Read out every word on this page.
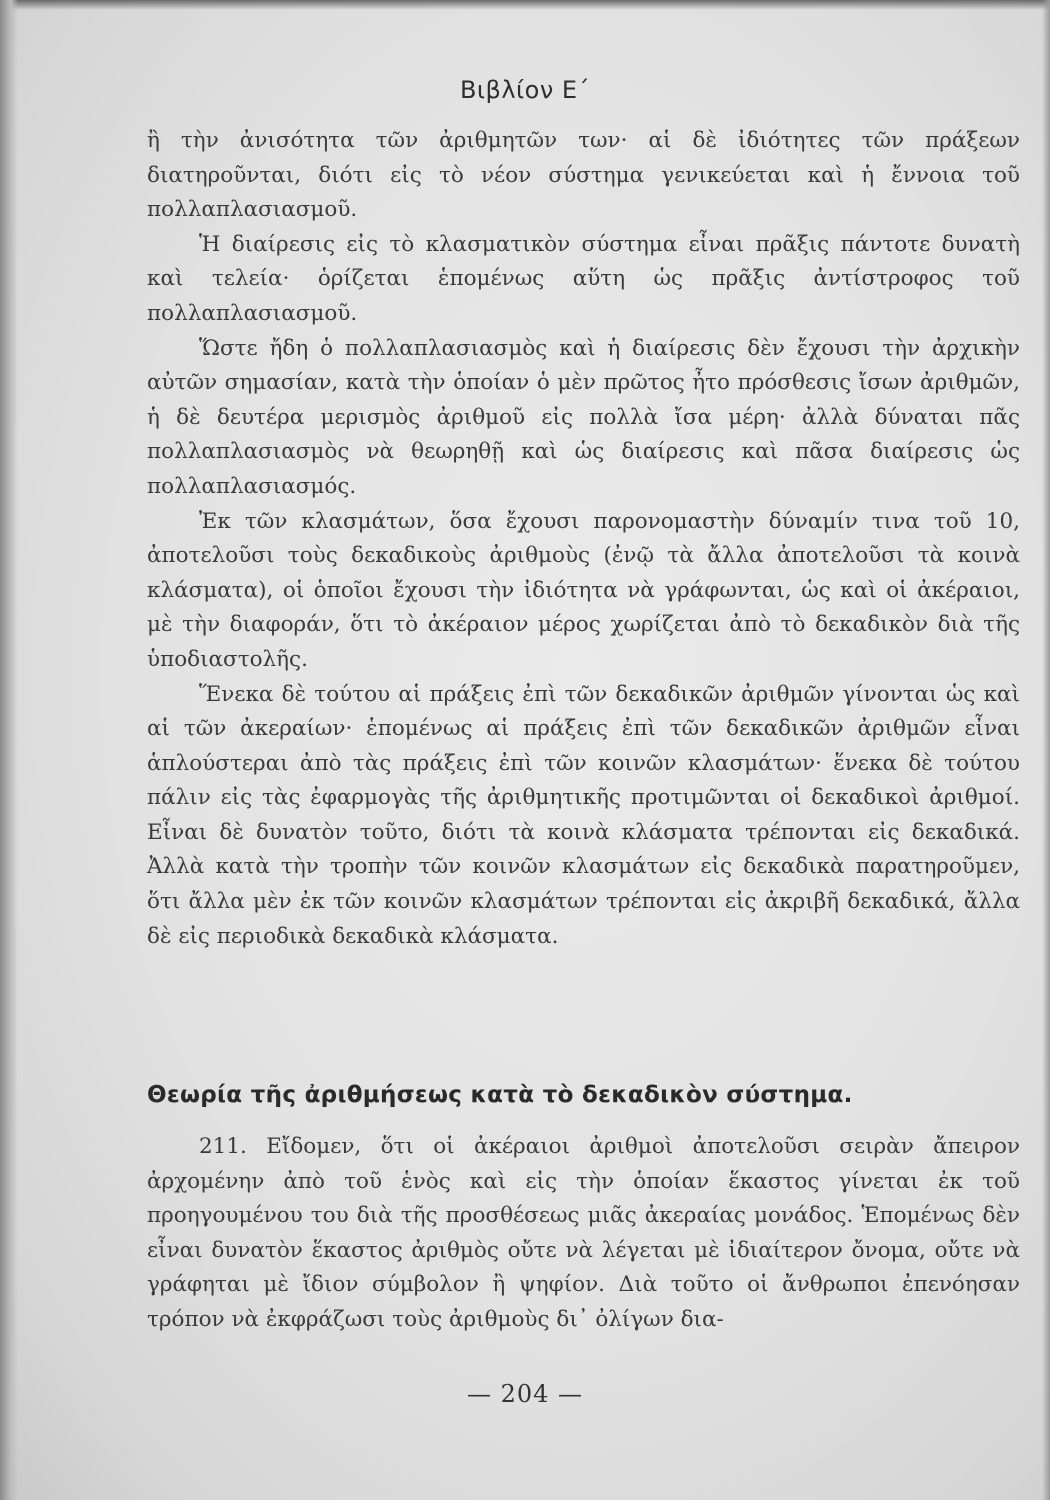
Βιβλίον Ε΄

ἢ τὴν ἀνισότητα τῶν ἀριθμητῶν των· αἱ δὲ ἰδιότητες τῶν πράξεων διατηροῦνται, διότι εἰς τὸ νέον σύστημα γενικεύεται καὶ ἡ ἔννοια τοῦ πολλαπλασιασμοῦ.

Ἡ διαίρεσις εἰς τὸ κλασματικὸν σύστημα εἶναι πρᾶξις πάντοτε δυνατὴ καὶ τελεία· ὁρίζεται ἑπομένως αὕτη ὡς πρᾶξις ἀντίστροφος τοῦ πολλαπλασιασμοῦ.

Ὥστε ἤδη ὁ πολλαπλασιασμὸς καὶ ἡ διαίρεσις δὲν ἔχουσι τὴν ἀρχικὴν αὐτῶν σημασίαν, κατὰ τὴν ὁποίαν ὁ μὲν πρῶτος ἦτο πρόσθεσις ἴσων ἀριθμῶν, ἡ δὲ δευτέρα μερισμὸς ἀριθμοῦ εἰς πολλὰ ἴσα μέρη· ἀλλὰ δύναται πᾶς πολλαπλασιασμὸς νὰ θεωρηθῇ καὶ ὡς διαίρεσις καὶ πᾶσα διαίρεσις ὡς πολλαπλασιασμός.

Ἐκ τῶν κλασμάτων, ὅσα ἔχουσι παρονομαστὴν δύναμίν τινα τοῦ 10, ἀποτελοῦσι τοὺς δεκαδικοὺς ἀριθμοὺς (ἐνῷ τὰ ἄλλα ἀποτελοῦσι τὰ κοινὰ κλάσματα), οἱ ὁποῖοι ἔχουσι τὴν ἰδιότητα νὰ γράφωνται, ὡς καὶ οἱ ἀκέραιοι, μὲ τὴν διαφοράν, ὅτι τὸ ἀκέραιον μέρος χωρίζεται ἀπὸ τὸ δεκαδικὸν διὰ τῆς ὑποδιαστολῆς.

Ἕνεκα δὲ τούτου αἱ πράξεις ἐπὶ τῶν δεκαδικῶν ἀριθμῶν γίνονται ὡς καὶ αἱ τῶν ἀκεραίων· ἑπομένως αἱ πράξεις ἐπὶ τῶν δεκαδικῶν ἀριθμῶν εἶναι ἁπλούστεραι ἀπὸ τὰς πράξεις ἐπὶ τῶν κοινῶν κλασμάτων· ἕνεκα δὲ τούτου πάλιν εἰς τὰς ἐφαρμογὰς τῆς ἀριθμητικῆς προτιμῶνται οἱ δεκαδικοὶ ἀριθμοί. Εἶναι δὲ δυνατὸν τοῦτο, διότι τὰ κοινὰ κλάσματα τρέπονται εἰς δεκαδικά. Ἀλλὰ κατὰ τὴν τροπὴν τῶν κοινῶν κλασμάτων εἰς δεκαδικὰ παρατηροῦμεν, ὅτι ἄλλα μὲν ἐκ τῶν κοινῶν κλασμάτων τρέπονται εἰς ἀκριβῆ δεκαδικά, ἄλλα δὲ εἰς περιοδικὰ δεκαδικὰ κλάσματα.

Θεωρία τῆς ἀριθμήσεως κατὰ τὸ δεκαδικὸν σύστημα.

211. Εἴδομεν, ὅτι οἱ ἀκέραιοι ἀριθμοὶ ἀποτελοῦσι σειρὰν ἄπειρον ἀρχομένην ἀπὸ τοῦ ἑνὸς καὶ εἰς τὴν ὁποίαν ἕκαστος γίνεται ἐκ τοῦ προηγουμένου του διὰ τῆς προσθέσεως μιᾶς ἀκεραίας μονάδος. Ἑπομένως δὲν εἶναι δυνατὸν ἕκαστος ἀριθμὸς οὔτε νὰ λέγεται μὲ ἰδιαίτερον ὄνομα, οὔτε νὰ γράφηται μὲ ἴδιον σύμβολον ἢ ψηφίον. Διὰ τοῦτο οἱ ἄνθρωποι ἐπενόησαν τρόπον νὰ ἐκφράζωσι τοὺς ἀριθμοὺς δι᾽ ὀλίγων δια-

— 204 —
